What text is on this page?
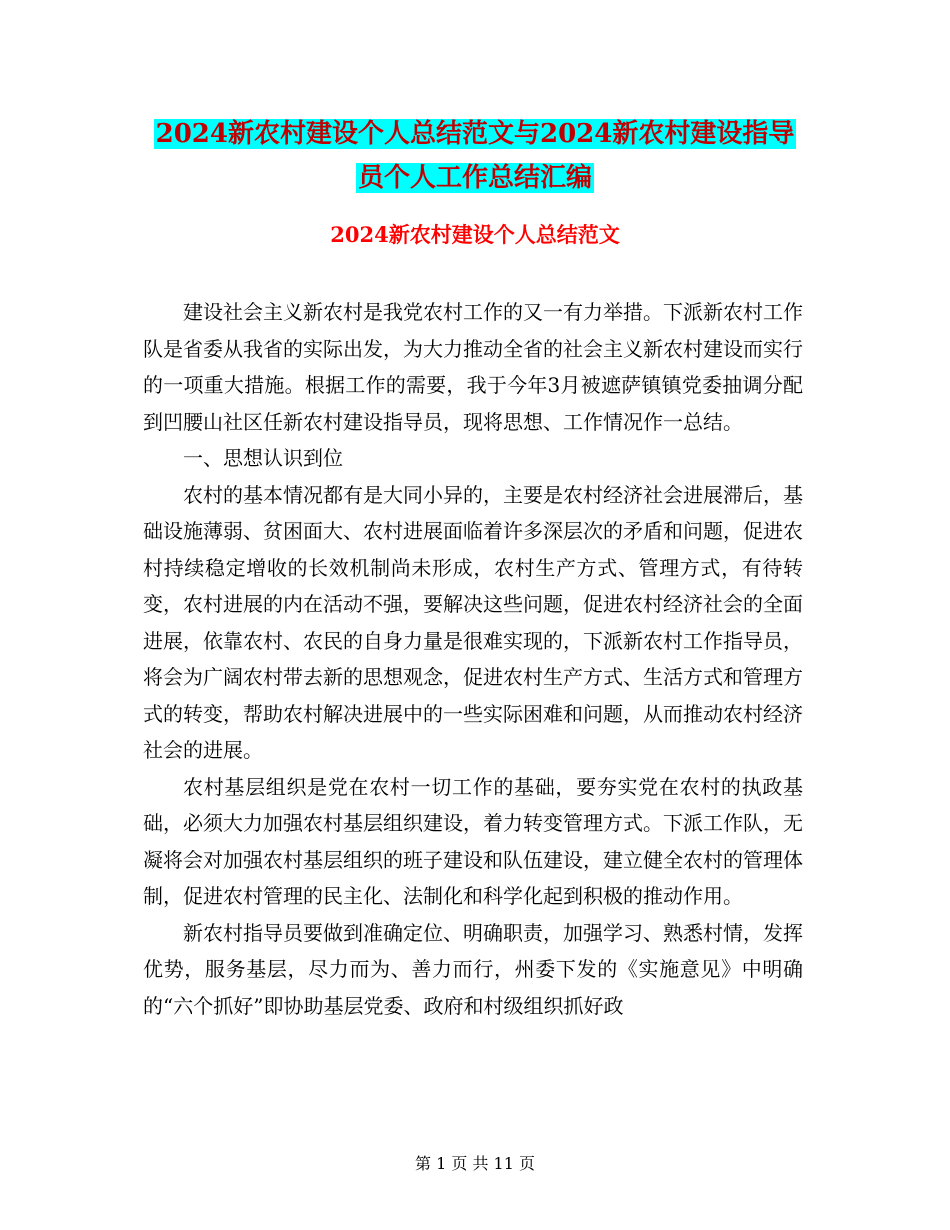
2024新农村建设个人总结范文与2024新农村建设指导
员个人工作总结汇编
2024新农村建设个人总结范文

建设社会主义新农村是我党农村工作的又一有力举措。下派新农村工作队是省委从我省的实际出发，为大力推动全省的社会主义新农村建设而实行的一项重大措施。根据工作的需要，我于今年3月被遮萨镇镇党委抽调分配到凹腰山社区任新农村建设指导员，现将思想、工作情况作一总结。

一、思想认识到位

农村的基本情况都有是大同小异的，主要是农村经济社会进展滞后，基础设施薄弱、贫困面大、农村进展面临着许多深层次的矛盾和问题，促进农村持续稳定增收的长效机制尚未形成，农村生产方式、管理方式，有待转变，农村进展的内在活动不强，要解决这些问题，促进农村经济社会的全面进展，依靠农村、农民的自身力量是很难实现的，下派新农村工作指导员，将会为广阔农村带去新的思想观念，促进农村生产方式、生活方式和管理方式的转变，帮助农村解决进展中的一些实际困难和问题，从而推动农村经济社会的进展。

农村基层组织是党在农村一切工作的基础，要夯实党在农村的执政基础，必须大力加强农村基层组织建设，着力转变管理方式。下派工作队，无凝将会对加强农村基层组织的班子建设和队伍建设，建立健全农村的管理体制，促进农村管理的民主化、法制化和科学化起到积极的推动作用。

新农村指导员要做到准确定位、明确职责，加强学习、熟悉村情，发挥优势，服务基层，尽力而为、善力而行，州委下发的《实施意见》中明确的“六个抓好”即协助基层党委、政府和村级组织抓好政

第 1 页 共 11 页
